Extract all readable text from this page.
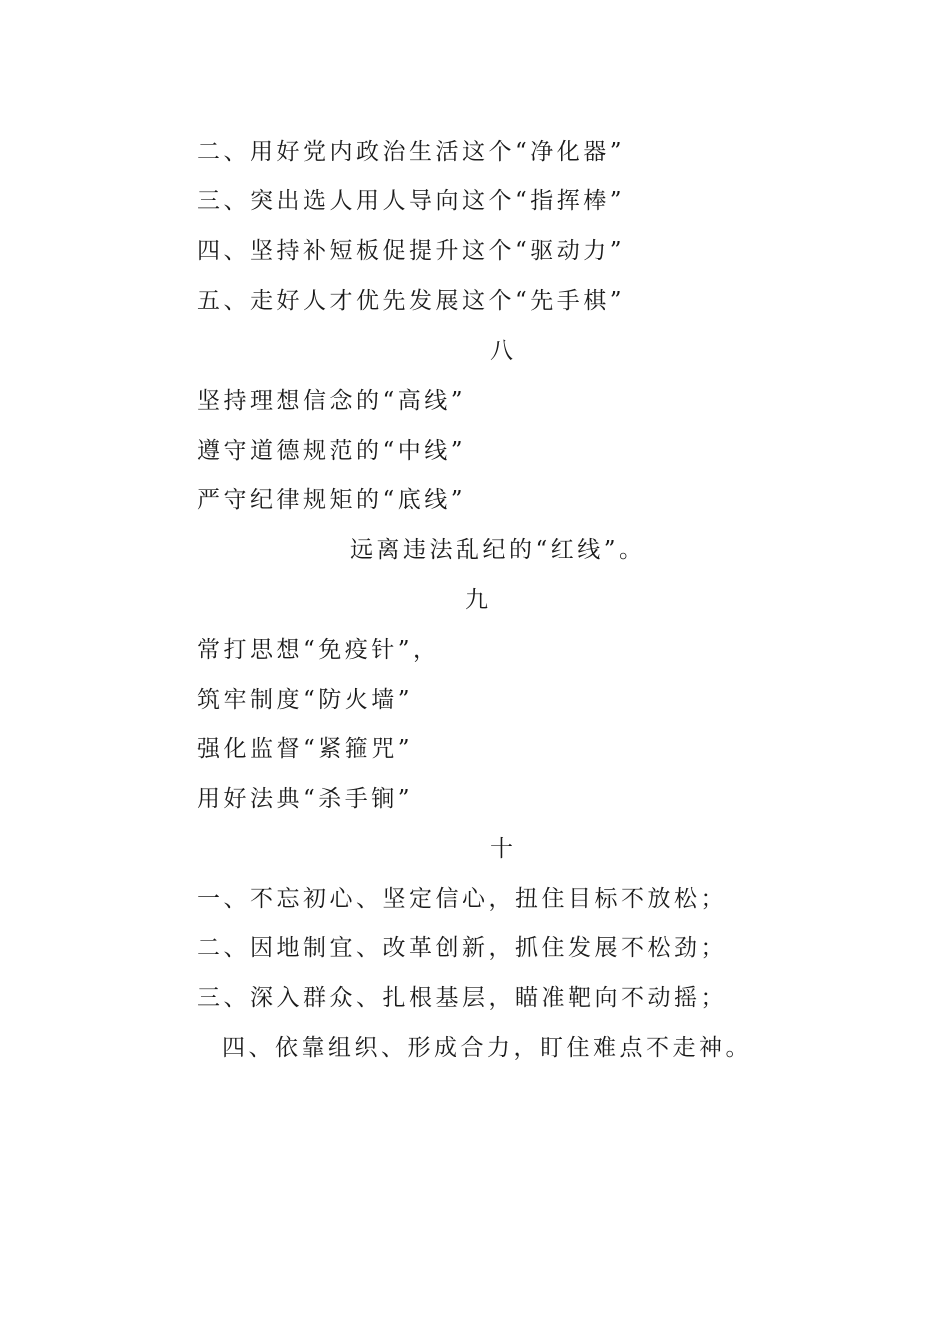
二、用好党内政治生活这个“净化器”
三、突出选人用人导向这个“指挥棒”
四、坚持补短板促提升这个“驱动力”
五、走好人才优先发展这个“先手棋”
八
坚持理想信念的“高线”
遵守道德规范的“中线”
严守纪律规矩的“底线”
远离违法乱纪的“红线”。
九
常打思想“免疫针”，
筑牢制度“防火墙”
强化监督“紧箍咒”
用好法典“杀手锏”
十
一、不忘初心、坚定信心，扭住目标不放松；
二、因地制宜、改革创新，抓住发展不松劲；
三、深入群众、扎根基层，瞄准靶向不动摇；
四、依靠组织、形成合力，盯住难点不走神。
